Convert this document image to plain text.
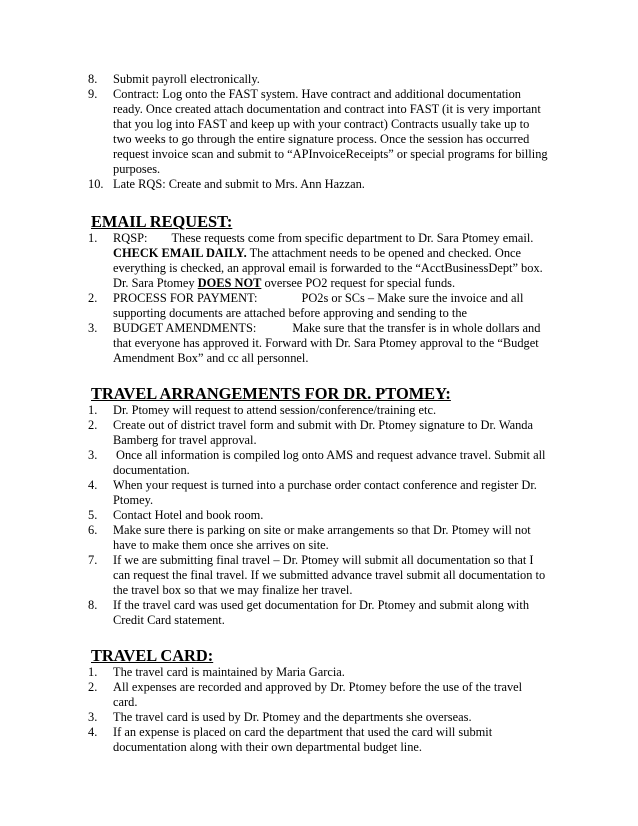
8. Submit payroll electronically.
9. Contract: Log onto the FAST system. Have contract and additional documentation ready. Once created attach documentation and contract into FAST (it is very important that you log into FAST and keep up with your contract) Contracts usually take up to two weeks to go through the entire signature process. Once the session has occurred request invoice scan and submit to “APInvoiceReceipts” or special programs for billing purposes.
10. Late RQS: Create and submit to Mrs. Ann Hazzan.
EMAIL REQUEST:
1. RQSP: These requests come from specific department to Dr. Sara Ptomey email. CHECK EMAIL DAILY. The attachment needs to be opened and checked. Once everything is checked, an approval email is forwarded to the “AcctBusinessDept” box. Dr. Sara Ptomey DOES NOT oversee PO2 request for special funds.
2. PROCESS FOR PAYMENT:	PO2s or SCs – Make sure the invoice and all supporting documents are attached before approving and sending to the
3. BUDGET AMENDMENTS:	Make sure that the transfer is in whole dollars and that everyone has approved it. Forward with Dr. Sara Ptomey approval to the “Budget Amendment Box” and cc all personnel.
TRAVEL ARRANGEMENTS FOR DR. PTOMEY:
1. Dr. Ptomey will request to attend session/conference/training etc.
2. Create out of district travel form and submit with Dr. Ptomey signature to Dr. Wanda Bamberg for travel approval.
3. Once all information is compiled log onto AMS and request advance travel. Submit all documentation.
4. When your request is turned into a purchase order contact conference and register Dr. Ptomey.
5. Contact Hotel and book room.
6. Make sure there is parking on site or make arrangements so that Dr. Ptomey will not have to make them once she arrives on site.
7. If we are submitting final travel – Dr. Ptomey will submit all documentation so that I can request the final travel. If we submitted advance travel submit all documentation to the travel box so that we may finalize her travel.
8. If the travel card was used get documentation for Dr. Ptomey and submit along with Credit Card statement.
TRAVEL CARD:
1. The travel card is maintained by Maria Garcia.
2. All expenses are recorded and approved by Dr. Ptomey before the use of the travel card.
3. The travel card is used by Dr. Ptomey and the departments she overseas.
4. If an expense is placed on card the department that used the card will submit documentation along with their own departmental budget line.
